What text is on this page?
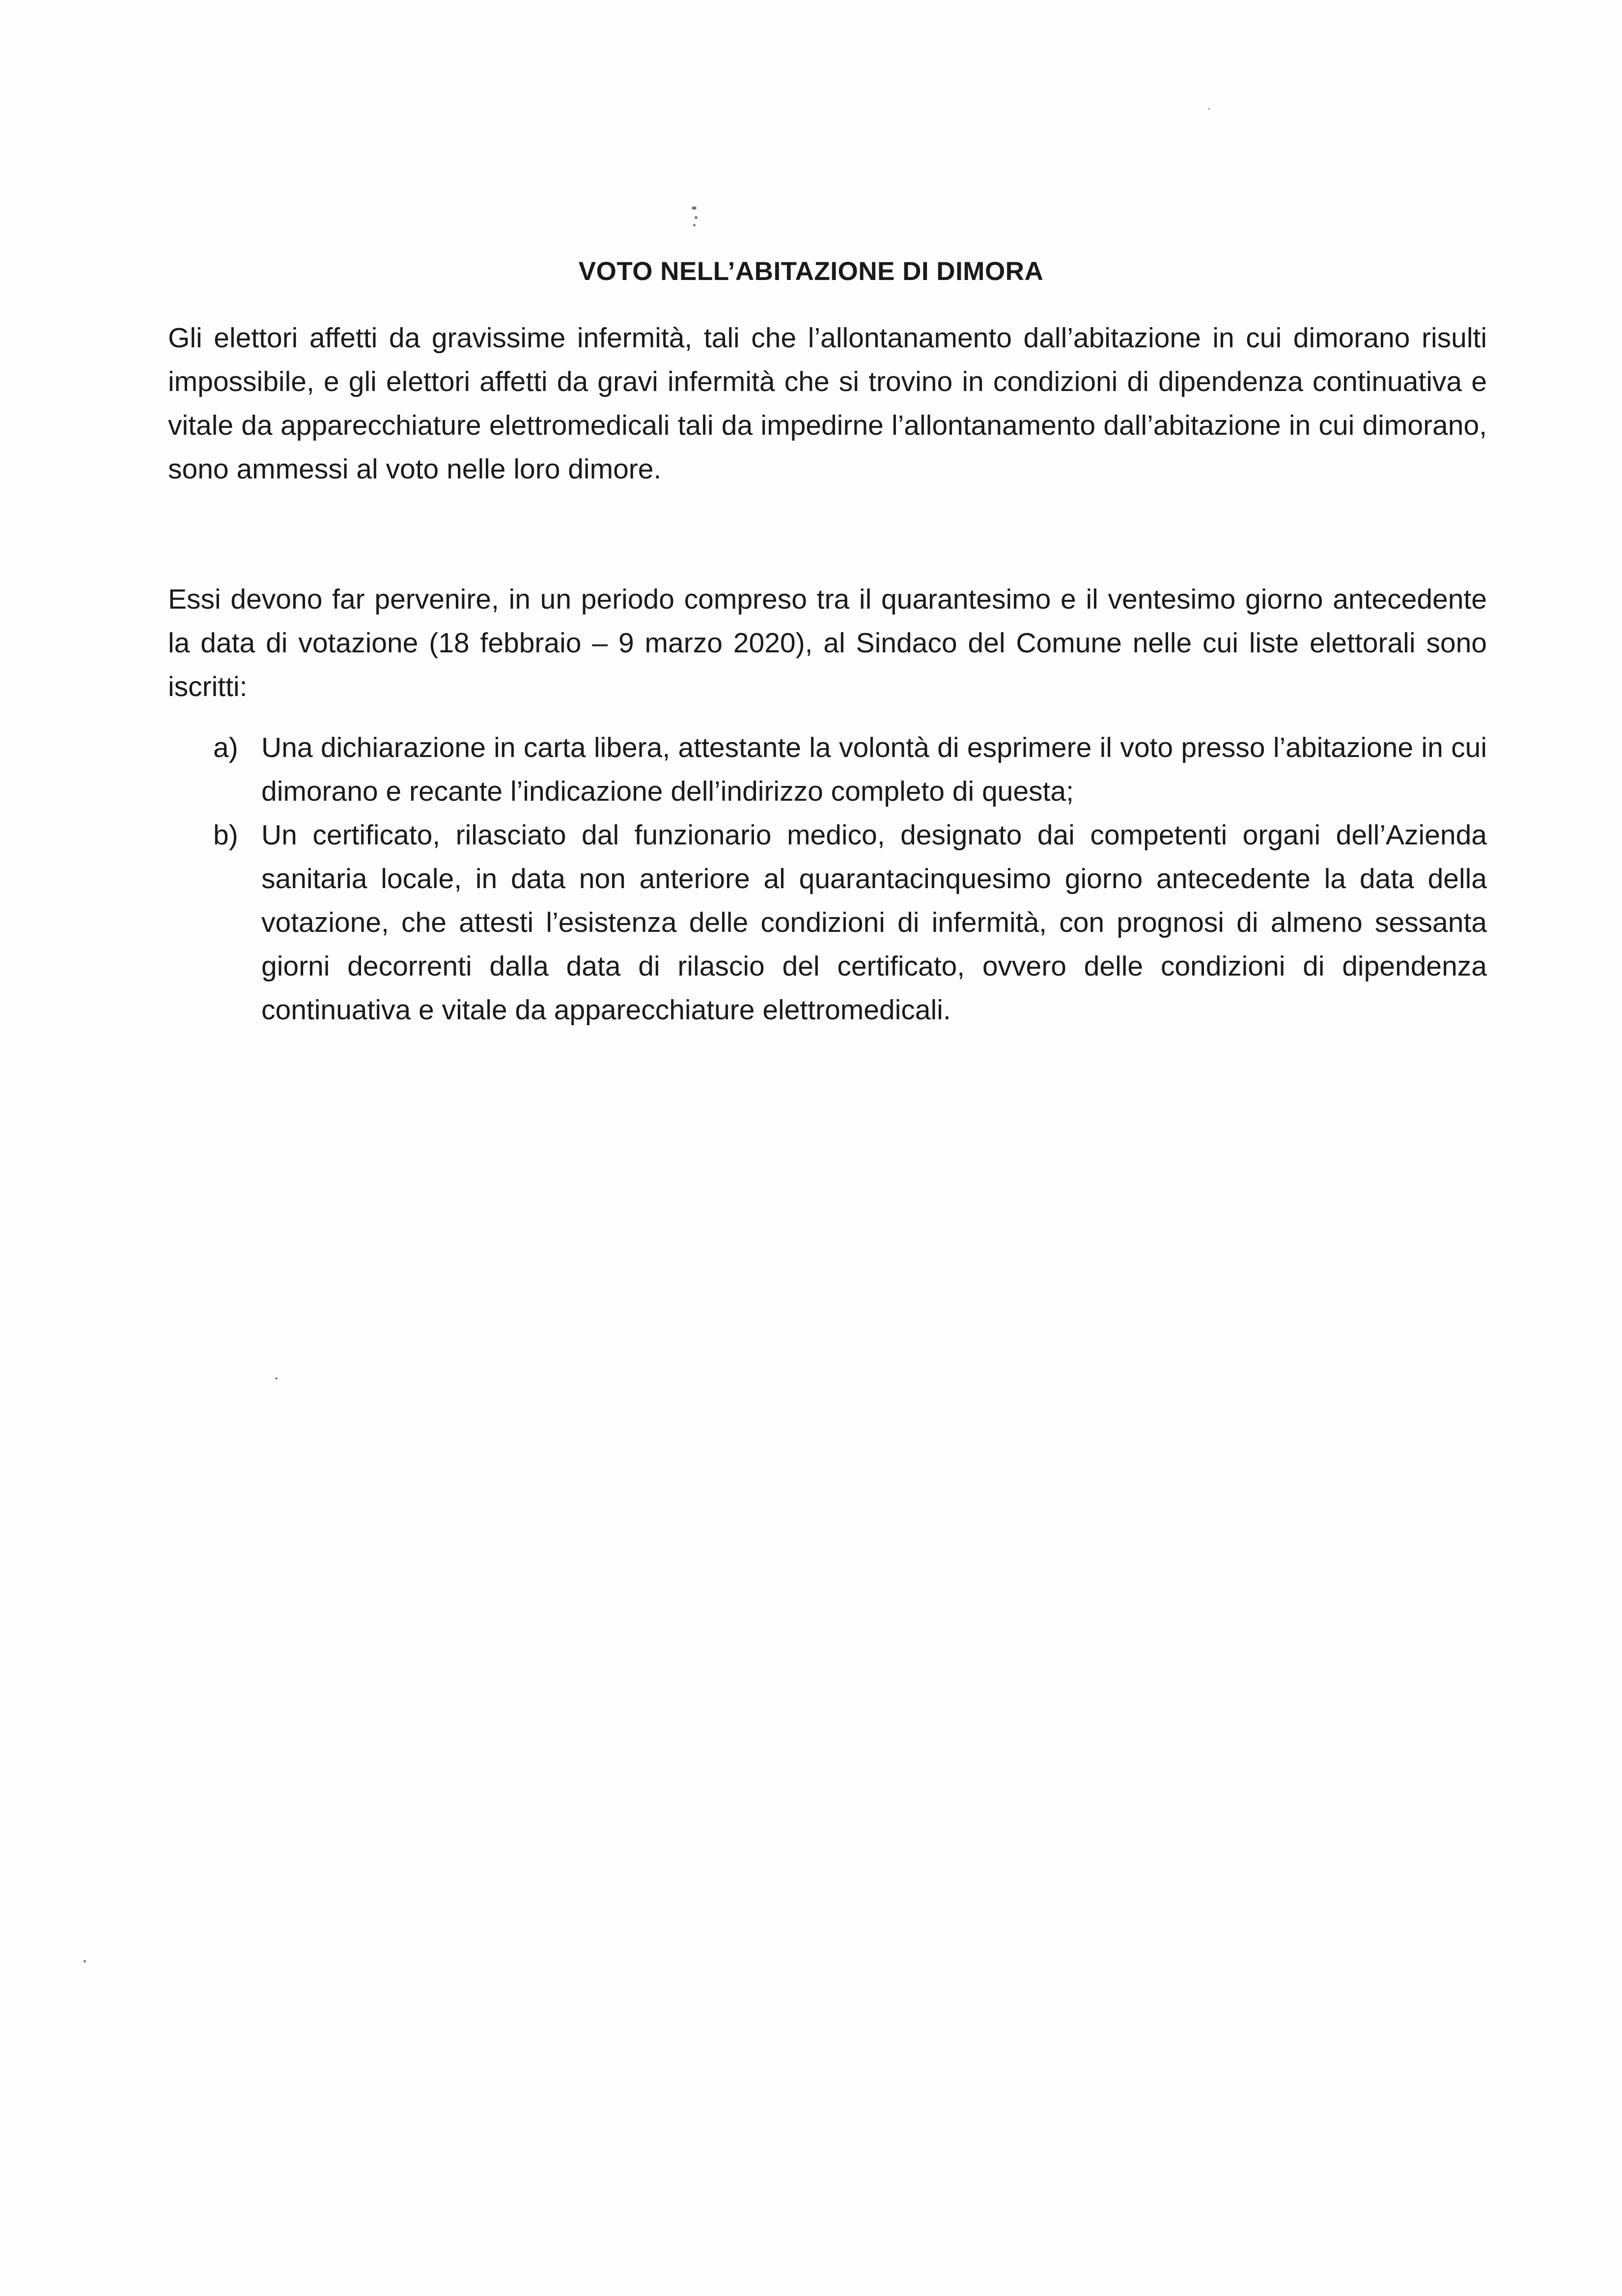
VOTO NELL’ABITAZIONE DI DIMORA

Gli elettori affetti da gravissime infermità, tali che l’allontanamento dall’abitazione in cui dimorano risulti impossibile, e gli elettori affetti da gravi infermità che si trovino in condizioni di dipendenza continuativa e vitale da apparecchiature elettromedicali tali da impedirne l’allontanamento dall’abitazione in cui dimorano, sono ammessi al voto nelle loro dimore.

Essi devono far pervenire, in un periodo compreso tra il quarantesimo e il ventesimo giorno antecedente la data di votazione (18 febbraio – 9 marzo 2020), al Sindaco del Comune nelle cui liste elettorali sono iscritti:

a) Una dichiarazione in carta libera, attestante la volontà di esprimere il voto presso l’abitazione in cui dimorano e recante l’indicazione dell’indirizzo completo di questa;
b) Un certificato, rilasciato dal funzionario medico, designato dai competenti organi dell’Azienda sanitaria locale, in data non anteriore al quarantacinquesimo giorno antecedente la data della votazione, che attesti l’esistenza delle condizioni di infermità, con prognosi di almeno sessanta giorni decorrenti dalla data di rilascio del certificato, ovvero delle condizioni di dipendenza continuativa e vitale da apparecchiature elettromedicali.
